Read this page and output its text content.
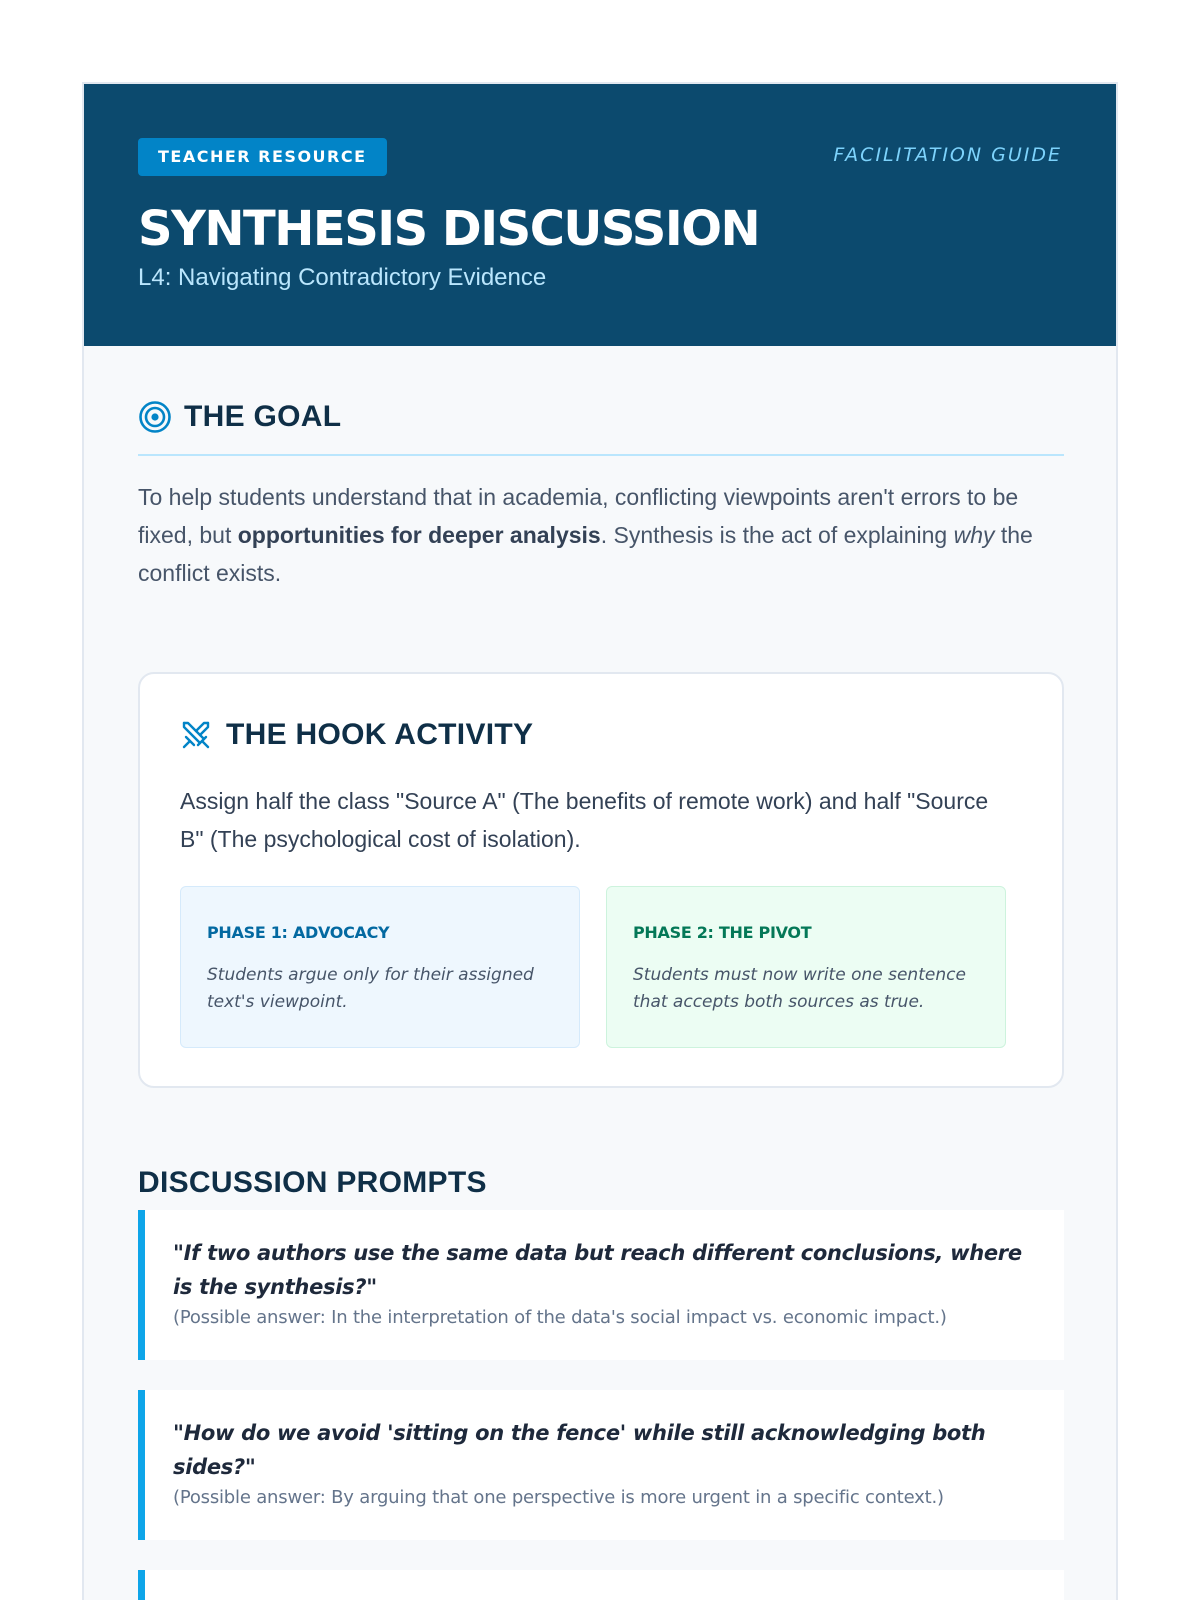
TEACHER RESOURCE	FACILITATION GUIDE
SYNTHESIS DISCUSSION
L4: Navigating Contradictory Evidence
THE GOAL

To help students understand that in academia, conflicting viewpoints aren't errors to be fixed, but opportunities for deeper analysis. Synthesis is the act of explaining why the conflict exists.

THE HOOK ACTIVITY

Assign half the class "Source A" (The benefits of remote work) and half "Source B" (The psychological cost of isolation).

PHASE 1: ADVOCACY
Students argue only for their assigned text's viewpoint.
PHASE 2: THE PIVOT
Students must now write one sentence that accepts both sources as true.
DISCUSSION PROMPTS
"If two authors use the same data but reach different conclusions, where is the synthesis?"
(Possible answer: In the interpretation of the data's social impact vs. economic impact.)
"How do we avoid 'sitting on the fence' while still acknowledging both sides?"
(Possible answer: By arguing that one perspective is more urgent in a specific context.)
